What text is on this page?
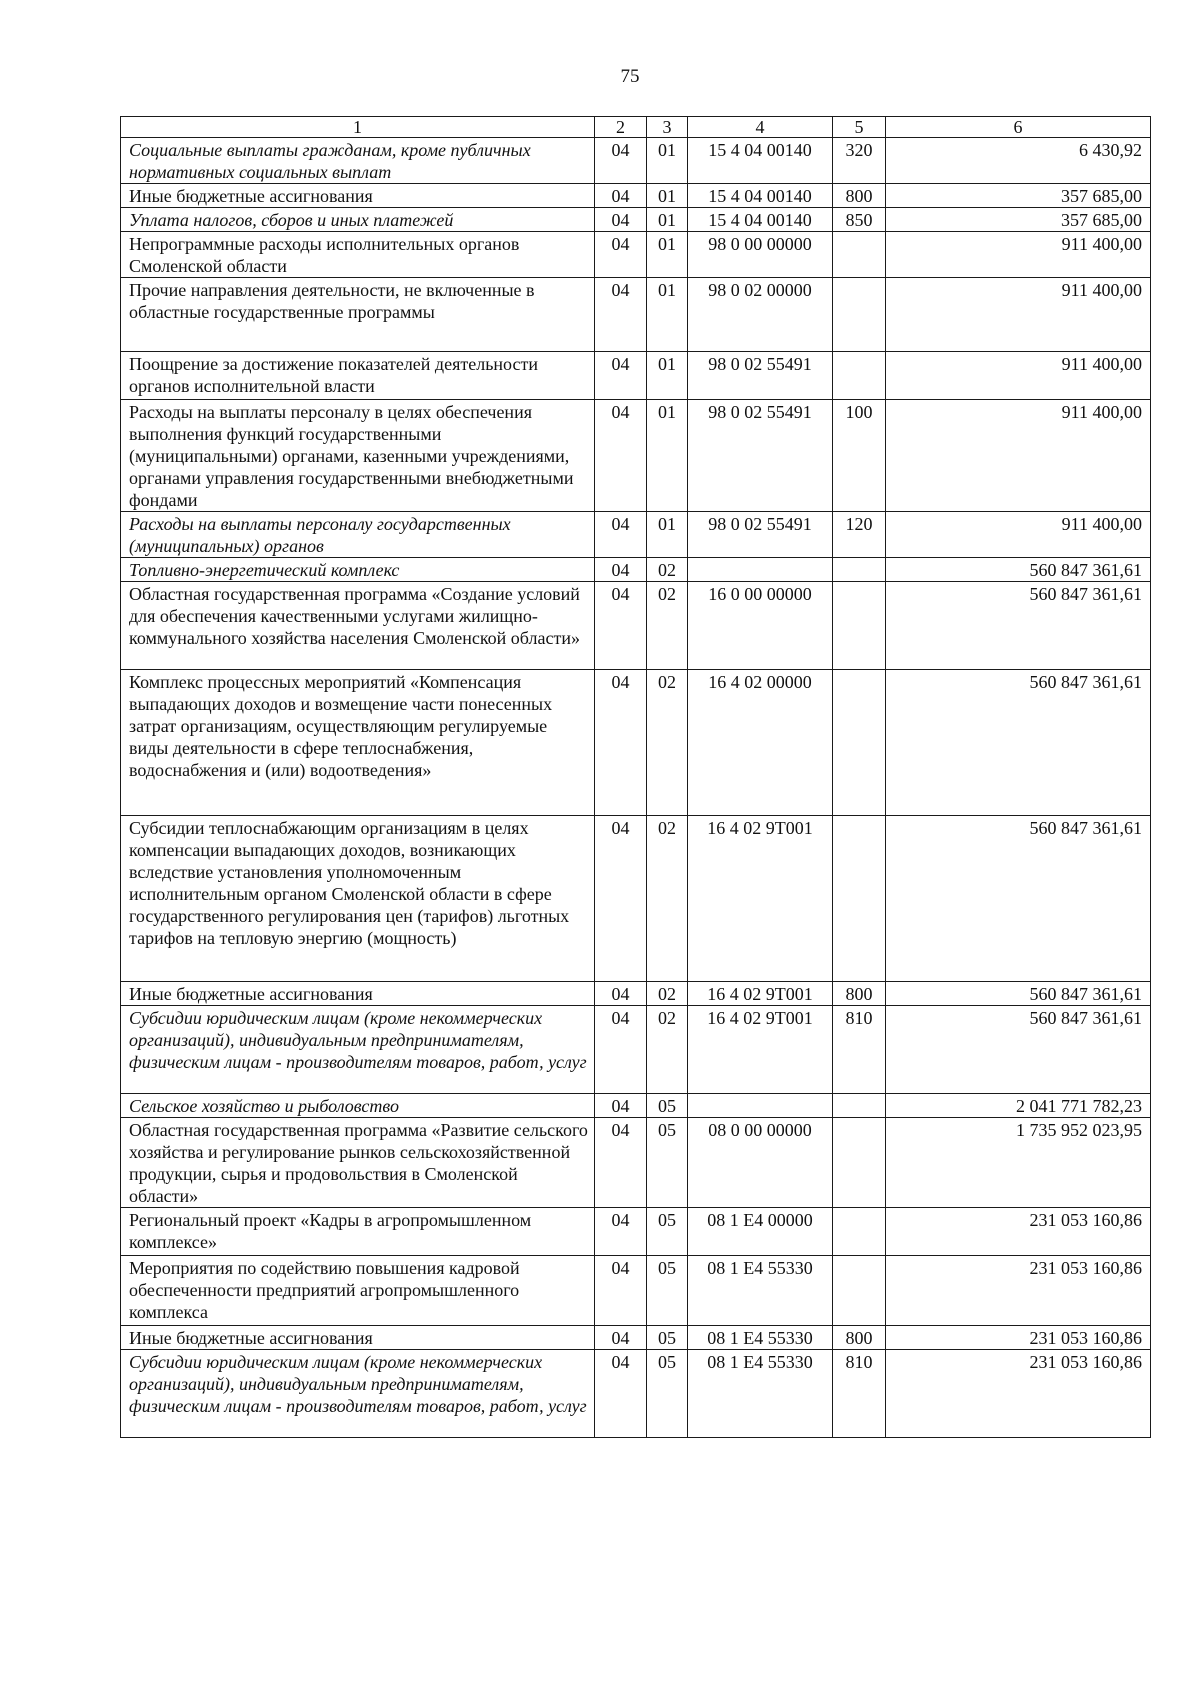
75
1	2	3	4	5	6
Социальные выплаты гражданам, кроме публичных нормативных социальных выплат	04	01	15 4 04 00140	320	6 430,92
Иные бюджетные ассигнования	04	01	15 4 04 00140	800	357 685,00
Уплата налогов, сборов и иных платежей	04	01	15 4 04 00140	850	357 685,00
Непрограммные расходы исполнительных органов Смоленской области	04	01	98 0 00 00000		911 400,00
Прочие направления деятельности, не включенные в областные государственные программы	04	01	98 0 02 00000		911 400,00
Поощрение за достижение показателей деятельности органов исполнительной власти	04	01	98 0 02 55491		911 400,00
Расходы на выплаты персоналу в целях обеспечения выполнения функций государственными (муниципальными) органами, казенными учреждениями, органами управления государственными внебюджетными фондами	04	01	98 0 02 55491	100	911 400,00
Расходы на выплаты персоналу государственных (муниципальных) органов	04	01	98 0 02 55491	120	911 400,00
Топливно-энергетический комплекс	04	02			560 847 361,61
Областная государственная программа «Создание условий для обеспечения качественными услугами жилищно-коммунального хозяйства населения Смоленской области»	04	02	16 0 00 00000		560 847 361,61
Комплекс процессных мероприятий «Компенсация выпадающих доходов и возмещение части понесенных затрат организациям, осуществляющим регулируемые виды деятельности в сфере теплоснабжения, водоснабжения и (или) водоотведения»	04	02	16 4 02 00000		560 847 361,61
Субсидии теплоснабжающим организациям в целях компенсации выпадающих доходов, возникающих вследствие установления уполномоченным исполнительным органом Смоленской области в сфере государственного регулирования цен (тарифов) льготных тарифов на тепловую энергию (мощность)	04	02	16 4 02 9Т001		560 847 361,61
Иные бюджетные ассигнования	04	02	16 4 02 9Т001	800	560 847 361,61
Субсидии юридическим лицам (кроме некоммерческих организаций), индивидуальным предпринимателям, физическим лицам - производителям товаров, работ, услуг	04	02	16 4 02 9Т001	810	560 847 361,61
Сельское хозяйство и рыболовство	04	05			2 041 771 782,23
Областная государственная программа «Развитие сельского хозяйства и регулирование рынков сельскохозяйственной продукции, сырья и продовольствия в Смоленской области»	04	05	08 0 00 00000		1 735 952 023,95
Региональный проект «Кадры в агропромышленном комплексе»	04	05	08 1 Е4 00000		231 053 160,86
Мероприятия по содействию повышения кадровой обеспеченности предприятий агропромышленного комплекса	04	05	08 1 Е4 55330		231 053 160,86
Иные бюджетные ассигнования	04	05	08 1 Е4 55330	800	231 053 160,86
Субсидии юридическим лицам (кроме некоммерческих организаций), индивидуальным предпринимателям, физическим лицам - производителям товаров, работ, услуг	04	05	08 1 Е4 55330	810	231 053 160,86
